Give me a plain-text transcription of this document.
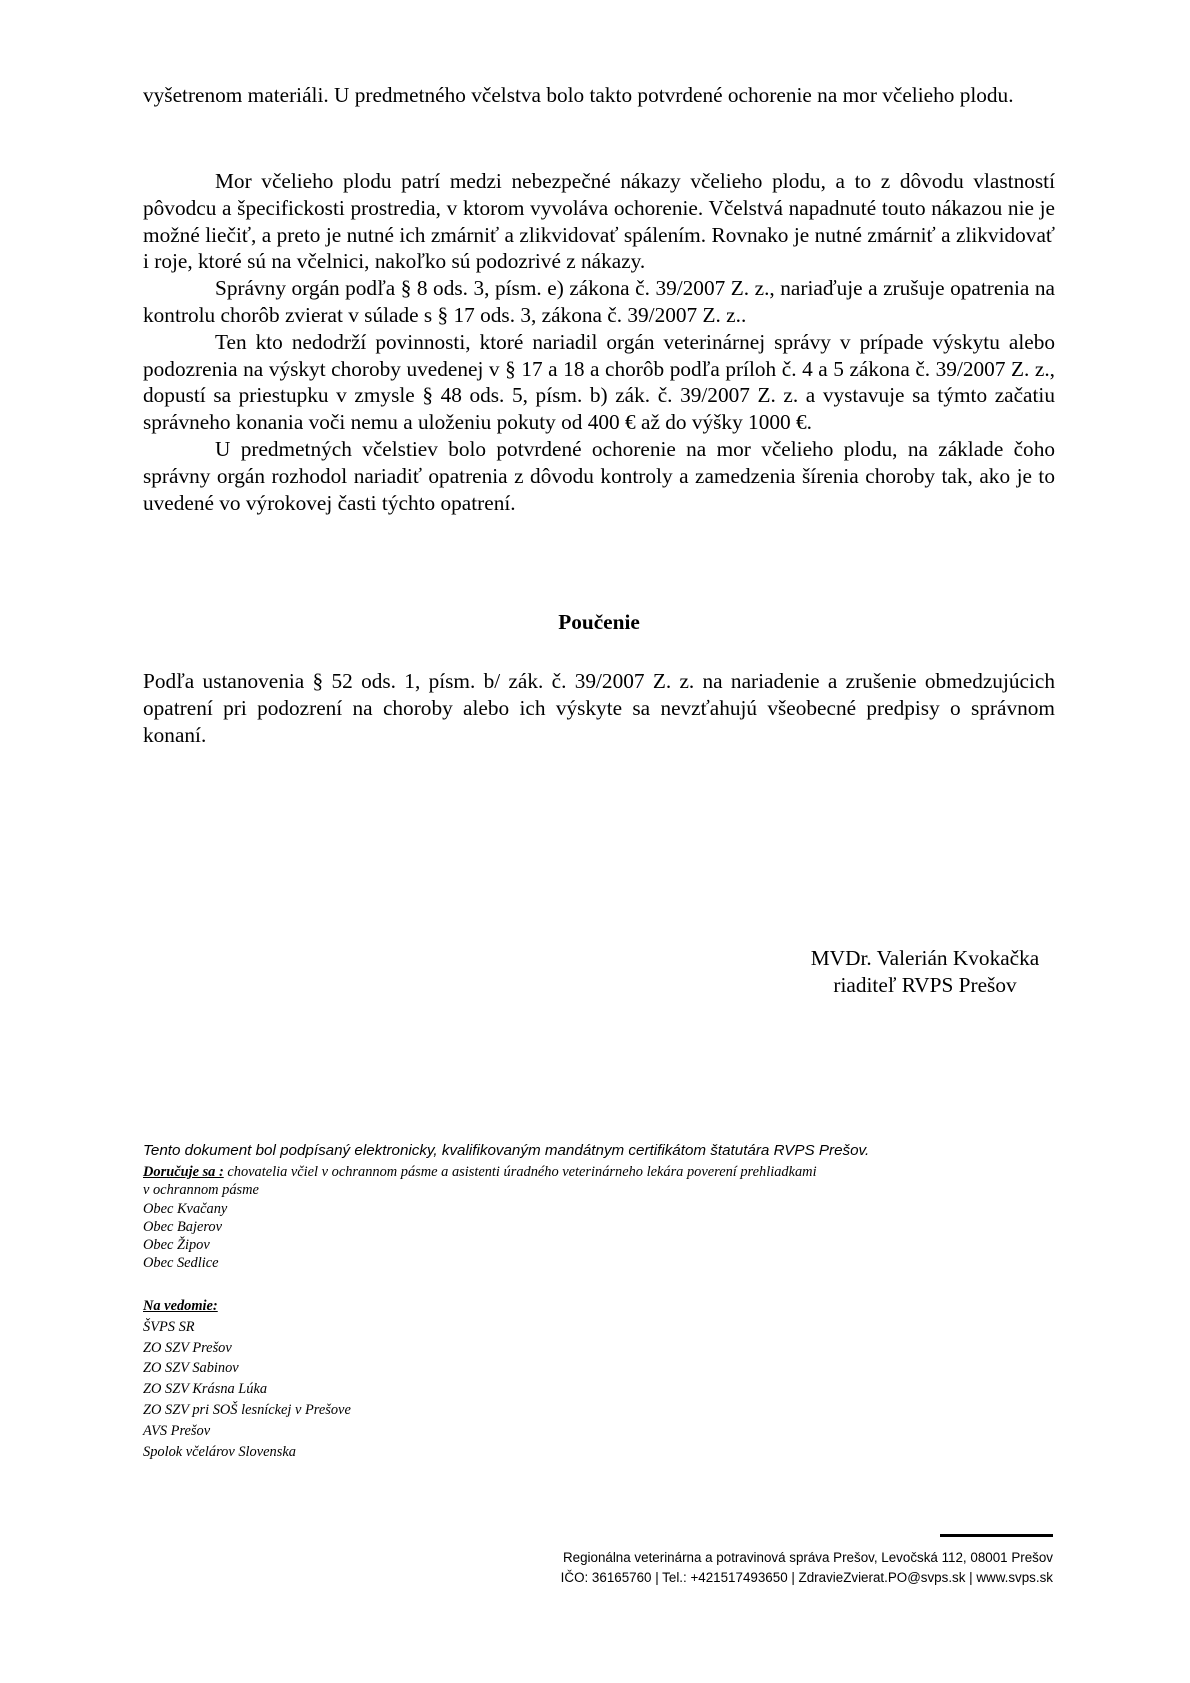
vyšetrenom materiáli. U predmetného včelstva bolo takto potvrdené ochorenie na mor včelieho plodu.

Mor včelieho plodu patrí medzi nebezpečné nákazy včelieho plodu, a to z dôvodu vlastností pôvodcu a špecifickosti prostredia, v ktorom vyvoláva ochorenie. Včelstvá napadnuté touto nákazou nie je možné liečiť, a preto je nutné ich zmárniť a zlikvidovať spálením. Rovnako je nutné zmárniť a zlikvidovať i roje, ktoré sú na včelnici, nakoľko sú podozrivé z nákazy.

Správny orgán podľa § 8 ods. 3, písm. e) zákona č. 39/2007 Z. z., nariaďuje a zrušuje opatrenia na kontrolu chorôb zvierat v súlade s § 17 ods. 3, zákona č. 39/2007 Z. z..

Ten kto nedodrží povinnosti, ktoré nariadil orgán veterinárnej správy v prípade výskytu alebo podozrenia na výskyt choroby uvedenej v § 17 a 18 a chorôb podľa príloh č. 4 a 5 zákona č. 39/2007 Z. z., dopustí sa priestupku v zmysle § 48 ods. 5, písm. b) zák. č. 39/2007 Z. z. a vystavuje sa týmto začatiu správneho konania voči nemu a uloženiu pokuty od 400 € až do výšky 1000 €.

U predmetných včelstiev bolo potvrdené ochorenie na mor včelieho plodu, na základe čoho správny orgán rozhodol nariadiť opatrenia z dôvodu kontroly a zamedzenia šírenia choroby tak, ako je to uvedené vo výrokovej časti týchto opatrení.

Poučenie

Podľa ustanovenia § 52 ods. 1, písm. b/ zák. č. 39/2007 Z. z. na nariadenie a zrušenie obmedzujúcich opatrení pri podozrení na choroby alebo ich výskyte sa nevzťahujú všeobecné predpisy o správnom konaní.

MVDr. Valerián Kvokačka
riaditeľ RVPS Prešov
Tento dokument bol podpísaný elektronicky, kvalifikovaným mandátnym certifikátom štatutára RVPS Prešov.
Doručuje sa : chovatelia včiel v ochrannom pásme a asistenti úradného veterinárneho lekára poverení prehliadkami
v ochrannom pásme
Obec Kvačany
Obec Bajerov
Obec Žipov
Obec Sedlice
Na vedomie:
ŠVPS SR
ZO SZV Prešov
ZO SZV Sabinov
ZO SZV Krásna Lúka
ZO SZV pri SOŠ lesníckej v Prešove
AVS Prešov
Spolok včelárov Slovenska
Regionálna veterinárna a potravinová správa Prešov, Levočská 112, 08001 Prešov
IČO: 36165760 | Tel.: +421517493650 | ZdravieZvierat.PO@svps.sk | www.svps.sk
